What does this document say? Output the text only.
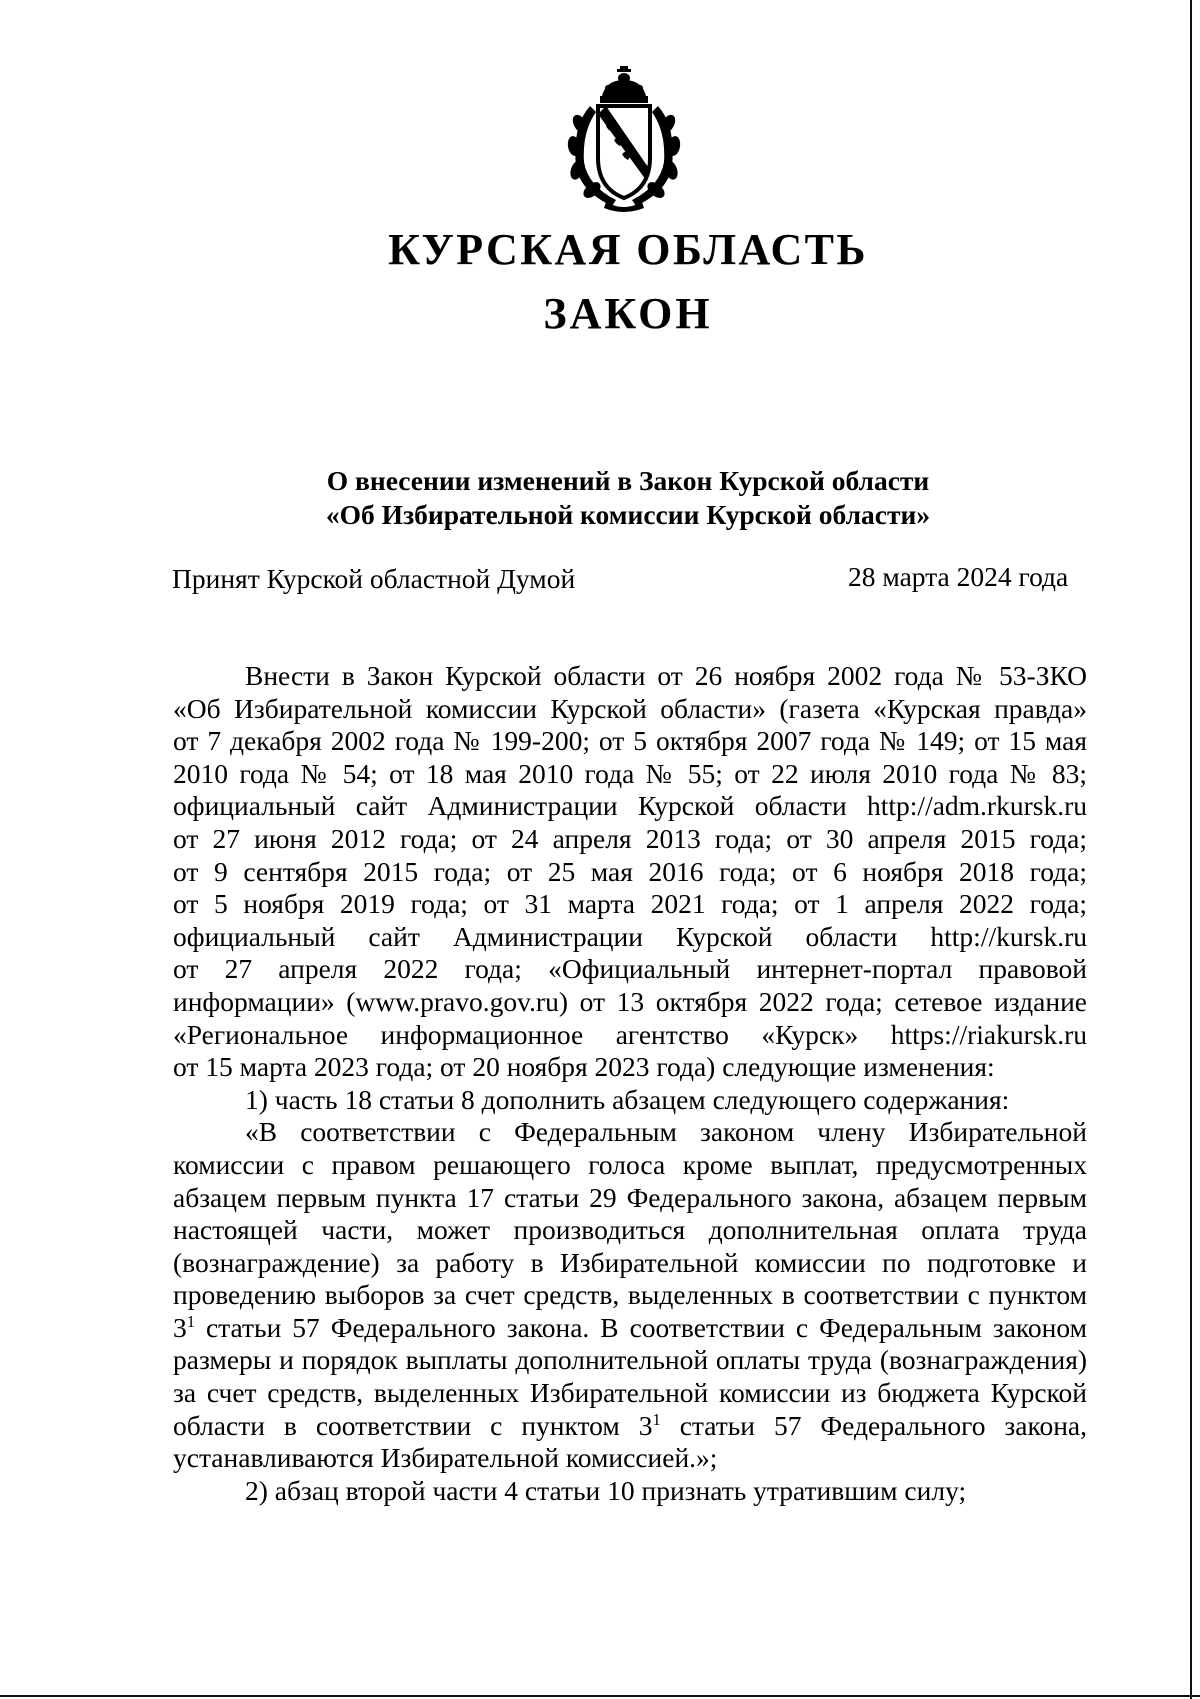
КУРСКАЯ ОБЛАСТЬ
ЗАКОН
О внесении изменений в Закон Курской области
«Об Избирательной комиссии Курской области»
Принят Курской областной Думой	28 марта 2024 года

Внести в Закон Курской области от 26 ноября 2002 года № 53-ЗКО

«Об Избирательной комиссии Курской области» (газета «Курская правда»

от 7 декабря 2002 года № 199-200; от 5 октября 2007 года № 149; от 15 мая

2010 года № 54; от 18 мая 2010 года № 55; от 22 июля 2010 года № 83;

официальный сайт Администрации Курской области http://adm.rkursk.ru

от 27 июня 2012 года; от 24 апреля 2013 года; от 30 апреля 2015 года;

от 9 сентября 2015 года; от 25 мая 2016 года; от 6 ноября 2018 года;

от 5 ноября 2019 года; от 31 марта 2021 года; от 1 апреля 2022 года;

официальный сайт Администрации Курской области http://kursk.ru

от 27 апреля 2022 года; «Официальный интернет-портал правовой

информации» (www.pravo.gov.ru) от 13 октября 2022 года; сетевое издание

«Региональное информационное агентство «Курск» https://riakursk.ru

от 15 марта 2023 года; от 20 ноября 2023 года) следующие изменения:

1) часть 18 статьи 8 дополнить абзацем следующего содержания:

«В соответствии с Федеральным законом члену Избирательной комиссии с правом решающего голоса кроме выплат, предусмотренных абзацем первым пункта 17 статьи 29 Федерального закона, абзацем первым настоящей части, может производиться дополнительная оплата труда (вознаграждение) за работу в Избирательной комиссии по подготовке и проведению выборов за счет средств, выделенных в соответствии с пунктом $3^1$ статьи 57 Федерального закона. В соответствии с Федеральным законом размеры и порядок выплаты дополнительной оплаты труда (вознаграждения) за счет средств, выделенных Избирательной комиссии из бюджета Курской области в соответствии с пунктом $3^1$ статьи 57 Федерального закона, устанавливаются Избирательной комиссией.»;

2) абзац второй части 4 статьи 10 признать утратившим силу;
